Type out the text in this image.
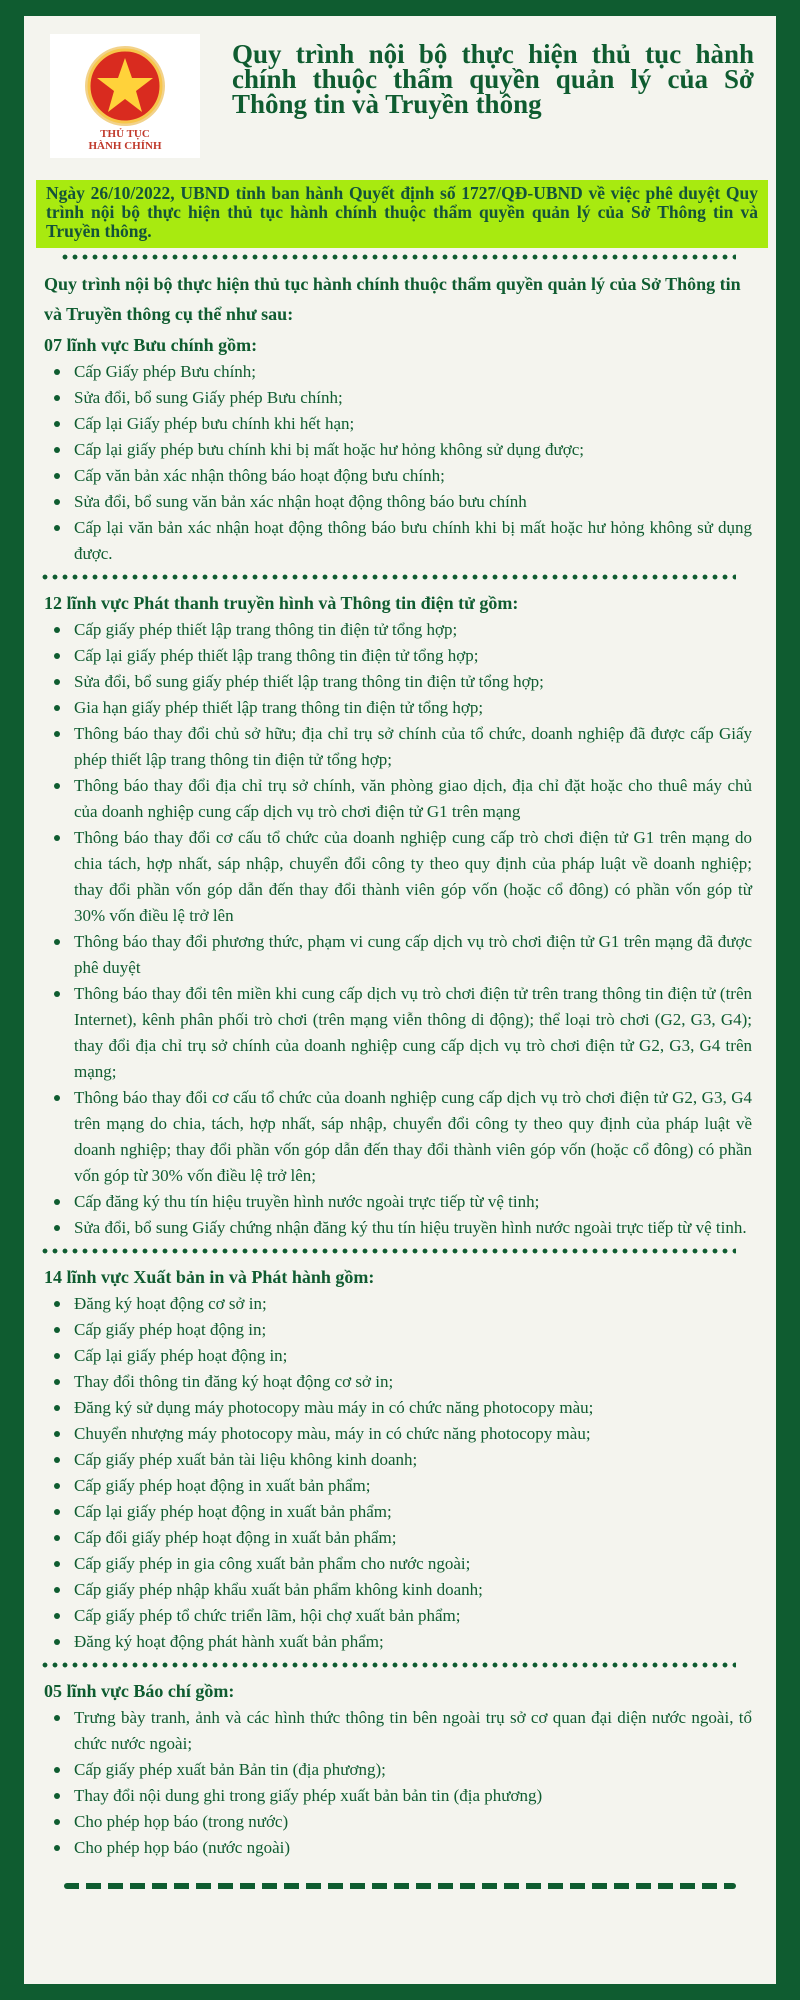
THỦ TỤC
HÀNH CHÍNH
Quy trình nội bộ thực hiện thủ tục hành chính thuộc thẩm quyền quản lý của Sở Thông tin và Truyền thông
Ngày 26/10/2022, UBND tỉnh ban hành Quyết định số 1727/QĐ-UBND về việc phê duyệt Quy trình nội bộ thực hiện thủ tục hành chính thuộc thẩm quyền quản lý của Sở Thông tin và Truyền thông.
Quy trình nội bộ thực hiện thủ tục hành chính thuộc thẩm quyền quản lý của Sở Thông tin và Truyền thông cụ thể như sau:
07 lĩnh vực Bưu chính gồm:
Cấp Giấy phép Bưu chính;
Sửa đổi, bổ sung Giấy phép Bưu chính;
Cấp lại Giấy phép bưu chính khi hết hạn;
Cấp lại giấy phép bưu chính khi bị mất hoặc hư hỏng không sử dụng được;
Cấp văn bản xác nhận thông báo hoạt động bưu chính;
Sửa đổi, bổ sung văn bản xác nhận hoạt động thông báo bưu chính
Cấp lại văn bản xác nhận hoạt động thông báo bưu chính khi bị mất hoặc hư hỏng không sử dụng được.
12 lĩnh vực Phát thanh truyền hình và Thông tin điện tử gồm:
Cấp giấy phép thiết lập trang thông tin điện tử tổng hợp;
Cấp lại giấy phép thiết lập trang thông tin điện tử tổng hợp;
Sửa đổi, bổ sung giấy phép thiết lập trang thông tin điện tử tổng hợp;
Gia hạn giấy phép thiết lập trang thông tin điện tử tổng hợp;
Thông báo thay đổi chủ sở hữu; địa chỉ trụ sở chính của tổ chức, doanh nghiệp đã được cấp Giấy phép thiết lập trang thông tin điện tử tổng hợp;
Thông báo thay đổi địa chỉ trụ sở chính, văn phòng giao dịch, địa chỉ đặt hoặc cho thuê máy chủ của doanh nghiệp cung cấp dịch vụ trò chơi điện tử G1 trên mạng
Thông báo thay đổi cơ cấu tổ chức của doanh nghiệp cung cấp trò chơi điện tử G1 trên mạng do chia tách, hợp nhất, sáp nhập, chuyển đổi công ty theo quy định của pháp luật về doanh nghiệp; thay đổi phần vốn góp dẫn đến thay đổi thành viên góp vốn (hoặc cổ đông) có phần vốn góp từ 30% vốn điều lệ trở lên
Thông báo thay đổi phương thức, phạm vi cung cấp dịch vụ trò chơi điện tử G1 trên mạng đã được phê duyệt
Thông báo thay đổi tên miền khi cung cấp dịch vụ trò chơi điện tử trên trang thông tin điện tử (trên Internet), kênh phân phối trò chơi (trên mạng viễn thông di động); thể loại trò chơi (G2, G3, G4); thay đổi địa chỉ trụ sở chính của doanh nghiệp cung cấp dịch vụ trò chơi điện tử G2, G3, G4 trên mạng;
Thông báo thay đổi cơ cấu tổ chức của doanh nghiệp cung cấp dịch vụ trò chơi điện tử G2, G3, G4 trên mạng do chia, tách, hợp nhất, sáp nhập, chuyển đổi công ty theo quy định của pháp luật về doanh nghiệp; thay đổi phần vốn góp dẫn đến thay đổi thành viên góp vốn (hoặc cổ đông) có phần vốn góp từ 30% vốn điều lệ trở lên;
Cấp đăng ký thu tín hiệu truyền hình nước ngoài trực tiếp từ vệ tinh;
Sửa đổi, bổ sung Giấy chứng nhận đăng ký thu tín hiệu truyền hình nước ngoài trực tiếp từ vệ tinh.
14 lĩnh vực Xuất bản in và Phát hành gồm:
Đăng ký hoạt động cơ sở in;
Cấp giấy phép hoạt động in;
Cấp lại giấy phép hoạt động in;
Thay đổi thông tin đăng ký hoạt động cơ sở in;
Đăng ký sử dụng máy photocopy màu máy in có chức năng photocopy màu;
Chuyển nhượng máy photocopy màu, máy in có chức năng photocopy màu;
Cấp giấy phép xuất bản tài liệu không kinh doanh;
Cấp giấy phép hoạt động in xuất bản phẩm;
Cấp lại giấy phép hoạt động in xuất bản phẩm;
Cấp đổi giấy phép hoạt động in xuất bản phẩm;
Cấp giấy phép in gia công xuất bản phẩm cho nước ngoài;
Cấp giấy phép nhập khẩu xuất bản phẩm không kinh doanh;
Cấp giấy phép tổ chức triển lãm, hội chợ xuất bản phẩm;
Đăng ký hoạt động phát hành xuất bản phẩm;
05 lĩnh vực Báo chí gồm:
Trưng bày tranh, ảnh và các hình thức thông tin bên ngoài trụ sở cơ quan đại diện nước ngoài, tổ chức nước ngoài;
Cấp giấy phép xuất bản Bản tin (địa phương);
Thay đổi nội dung ghi trong giấy phép xuất bản bản tin (địa phương)
Cho phép họp báo (trong nước)
Cho phép họp báo (nước ngoài)
